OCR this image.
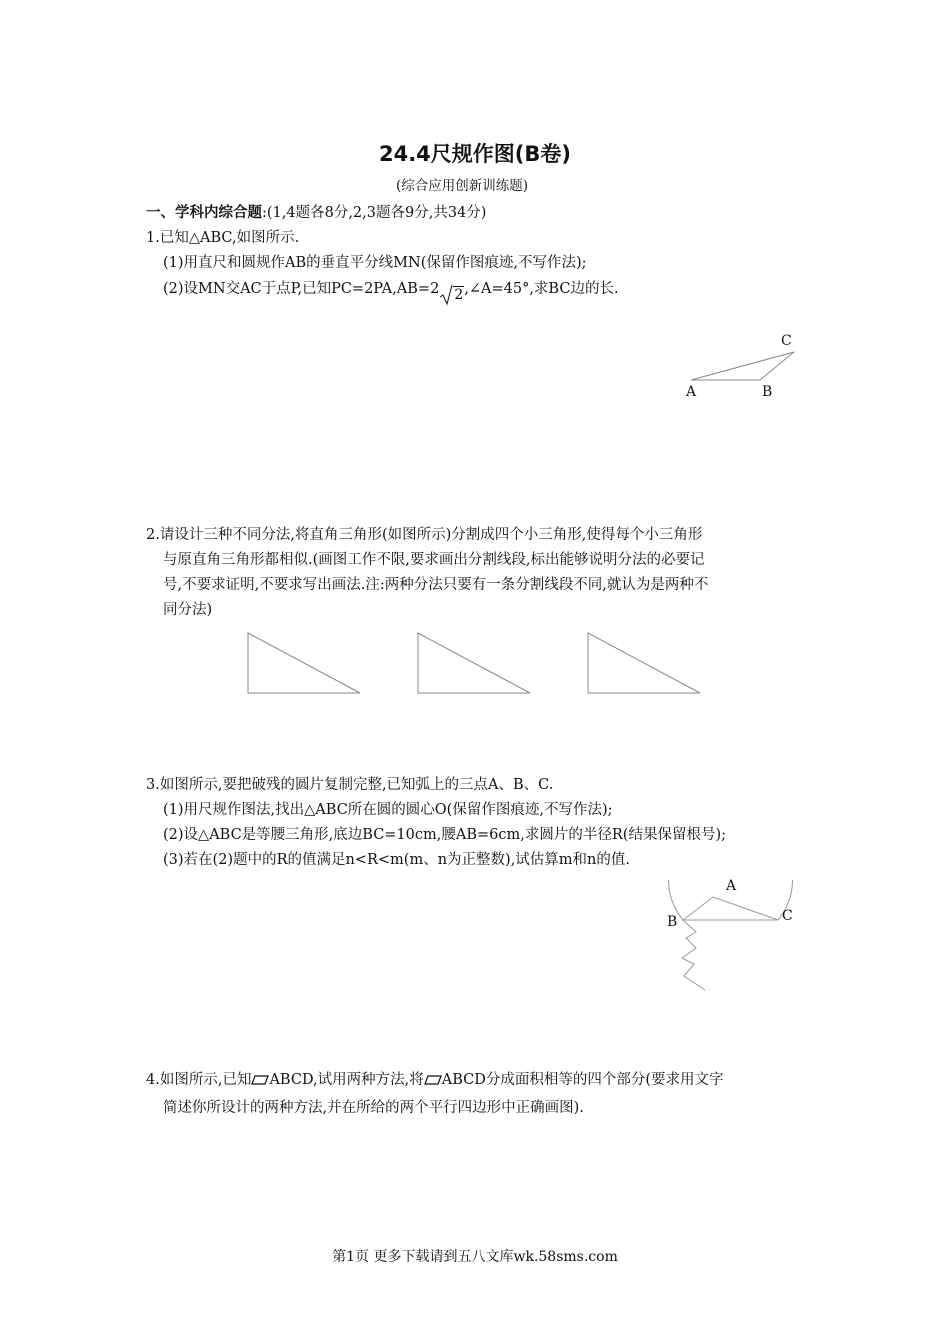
24.4尺规作图(B卷)
(综合应用创新训练题)
一、学科内综合题:(1,4题各8分,2,3题各9分,共34分)
1.已知△ABC,如图所示.
(1)用直尺和圆规作AB的垂直平分线MN(保留作图痕迹,不写作法);
(2)设MN交AC于点P,已知PC=2PA,AB=2 2,∠A=45°,求BC边的长.
C
A	B
2.请设计三种不同分法,将直角三角形(如图所示)分割成四个小三角形,使得每个小三角形
与原直角三角形都相似.(画图工作不限,要求画出分割线段,标出能够说明分法的必要记
号,不要求证明,不要求写出画法.注:两种分法只要有一条分割线段不同,就认为是两种不
同分法)
3.如图所示,要把破残的圆片复制完整,已知弧上的三点A、B、C.
(1)用尺规作图法,找出△ABC所在圆的圆心O(保留作图痕迹,不写作法);
(2)设△ABC是等腰三角形,底边BC=10cm,腰AB=6cm,求圆片的半径R(结果保留根号);
(3)若在(2)题中的R的值满足n<R<m(m、n为正整数),试估算m和n的值.
A
B	C
4.如图所示,已知 ABCD,试用两种方法,将 ABCD分成面积相等的四个部分(要求用文字
简述你所设计的两种方法,并在所给的两个平行四边形中正确画图).
第1页 更多下载请到五八文库wk.58sms.com
